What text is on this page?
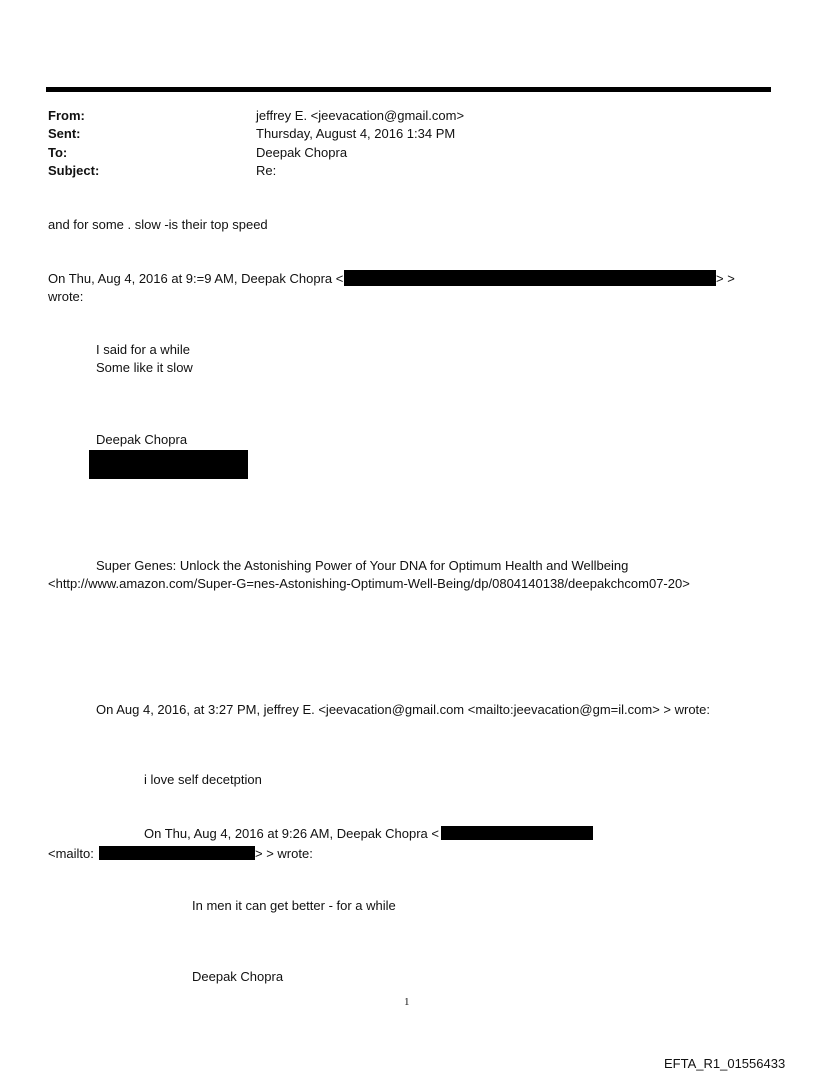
From:	jeffrey E. <jeevacation@gmail.com>
Sent:	Thursday, August 4, 2016 1:34 PM
To:	Deepak Chopra
Subject:	Re:
and for some . slow -is their top speed
On Thu, Aug 4, 2016 at 9:=9 AM, Deepak Chopra <	> >
wrote:
I said for a while
Some like it slow
Deepak Chopra
Super Genes: Unlock the Astonishing Power of Your DNA for Optimum Health and Wellbeing
<http://www.amazon.com/Super-G=nes-Astonishing-Optimum-Well-Being/dp/0804140138/deepakchcom07-20>
On Aug 4, 2016, at 3:27 PM, jeffrey E. <jeevacation@gmail.com <mailto:jeevacation@gm=il.com> > wrote:
i love self decetption
On Thu, Aug 4, 2016 at 9:26 AM, Deepak Chopra <
<mailto:	> > wrote:
In men it can get better - for a while
Deepak Chopra
1
EFTA_R1_01556433
